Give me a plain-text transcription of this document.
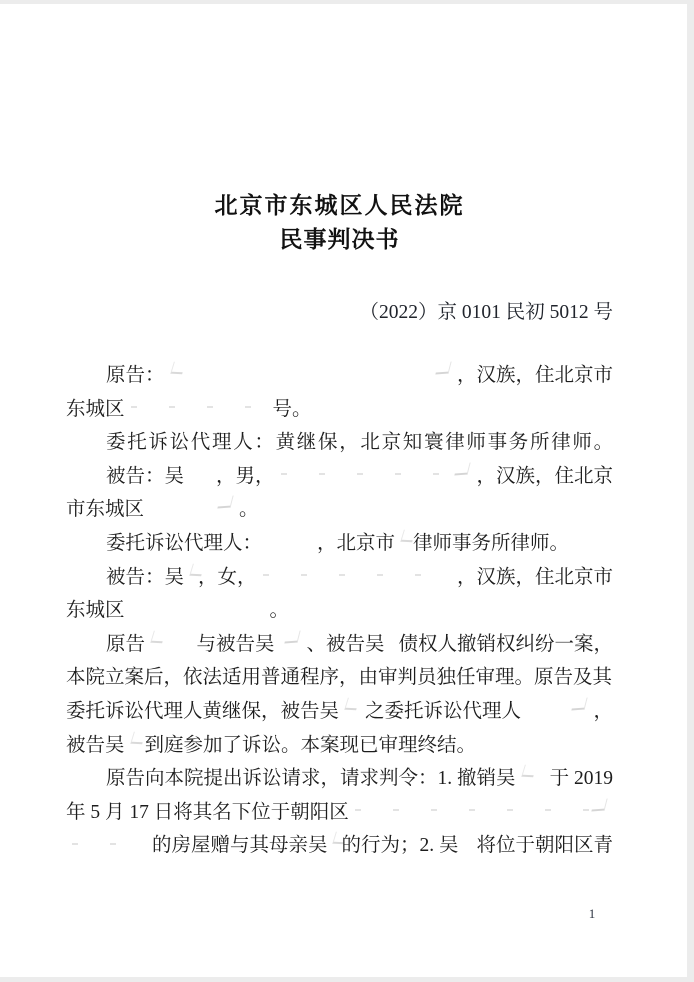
北京市东城区人民法院
民事判决书
（2022）京 0101 民初 5012 号
原告：	，汉族，住北京市
东城区	号。
委托诉讼代理人：黄继保，北京知寰律师事务所律师。
被告：吴 ，男，	，汉族，住北京
市东城区	。
委托诉讼代理人：	，北京市 律师事务所律师。
被告：吴 ，女，	，汉族，住北京市
东城区	。
原告	与被告吴 、被告吴 债权人撤销权纠纷一案，
本院立案后，依法适用普通程序，由审判员独任审理。原告及其
委托诉讼代理人黄继保，被告吴 之委托诉讼代理人	，
被告吴 到庭参加了诉讼。本案现已审理终结。
原告向本院提出诉讼请求，请求判令：1. 撤销吴 于 2019
年 5 月 17 日将其名下位于朝阳区
的房屋赠与其母亲吴 的行为；2. 吴 将位于朝阳区青
1
